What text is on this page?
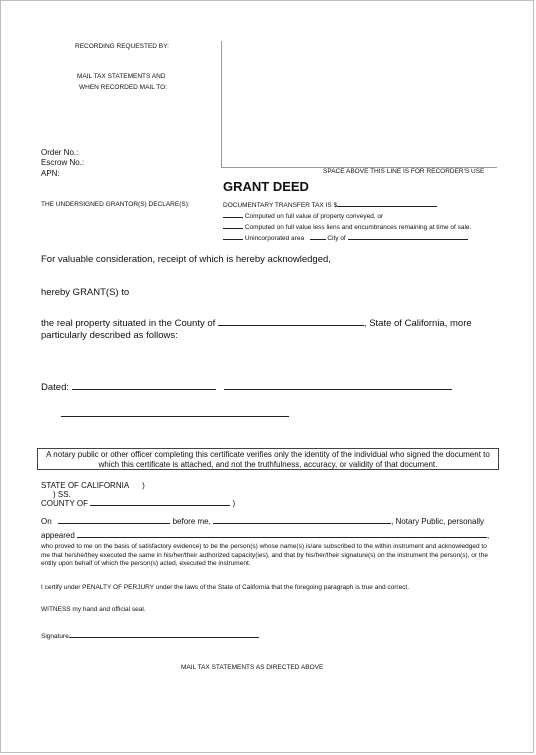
RECORDING REQUESTED BY:
MAIL TAX STATEMENTS AND
WHEN RECORDED MAIL TO:
Order No.:
Escrow No.:
APN:	SPACE ABOVE THIS LINE IS FOR RECORDER'S USE
GRANT DEED
THE UNDERSIGNED GRANTOR(S) DECLARE(S):	DOCUMENTARY TRANSFER TAX IS $
Computed on full value of property conveyed, or
Computed on full value less liens and encumbrances remaining at time of sale.
Unincorporated area	City of
For valuable consideration, receipt of which is hereby acknowledged,
hereby GRANT(S) to
the real property situated in the County of	, State of California, more
particularly described as follows:
Dated:
A notary public or other officer completing this certificate verifies only the identity of the individual who signed the document to which this certificate is attached, and not the truthfulness, accuracy, or validity of that document.
STATE OF CALIFORNIA )
) SS.
COUNTY OF	)
On	before me,	, Notary Public, personally
appeared	,
who proved to me on the basis of satisfactory evidence) to be the person(s) whose name(s) is/are subscribed to the within instrument and acknowledged to me that he/she/they executed the same in his/her/their authorized capacity(ies), and that by his/her/their signature(s) on the instrument the person(s), or the entity upon behalf of which the person(s) acted, executed the instrument.
I certify under PENALTY OF PERJURY under the laws of the State of California that the foregoing paragraph is true and correct.
WITNESS my hand and official seal.
Signature
MAIL TAX STATEMENTS AS DIRECTED ABOVE
